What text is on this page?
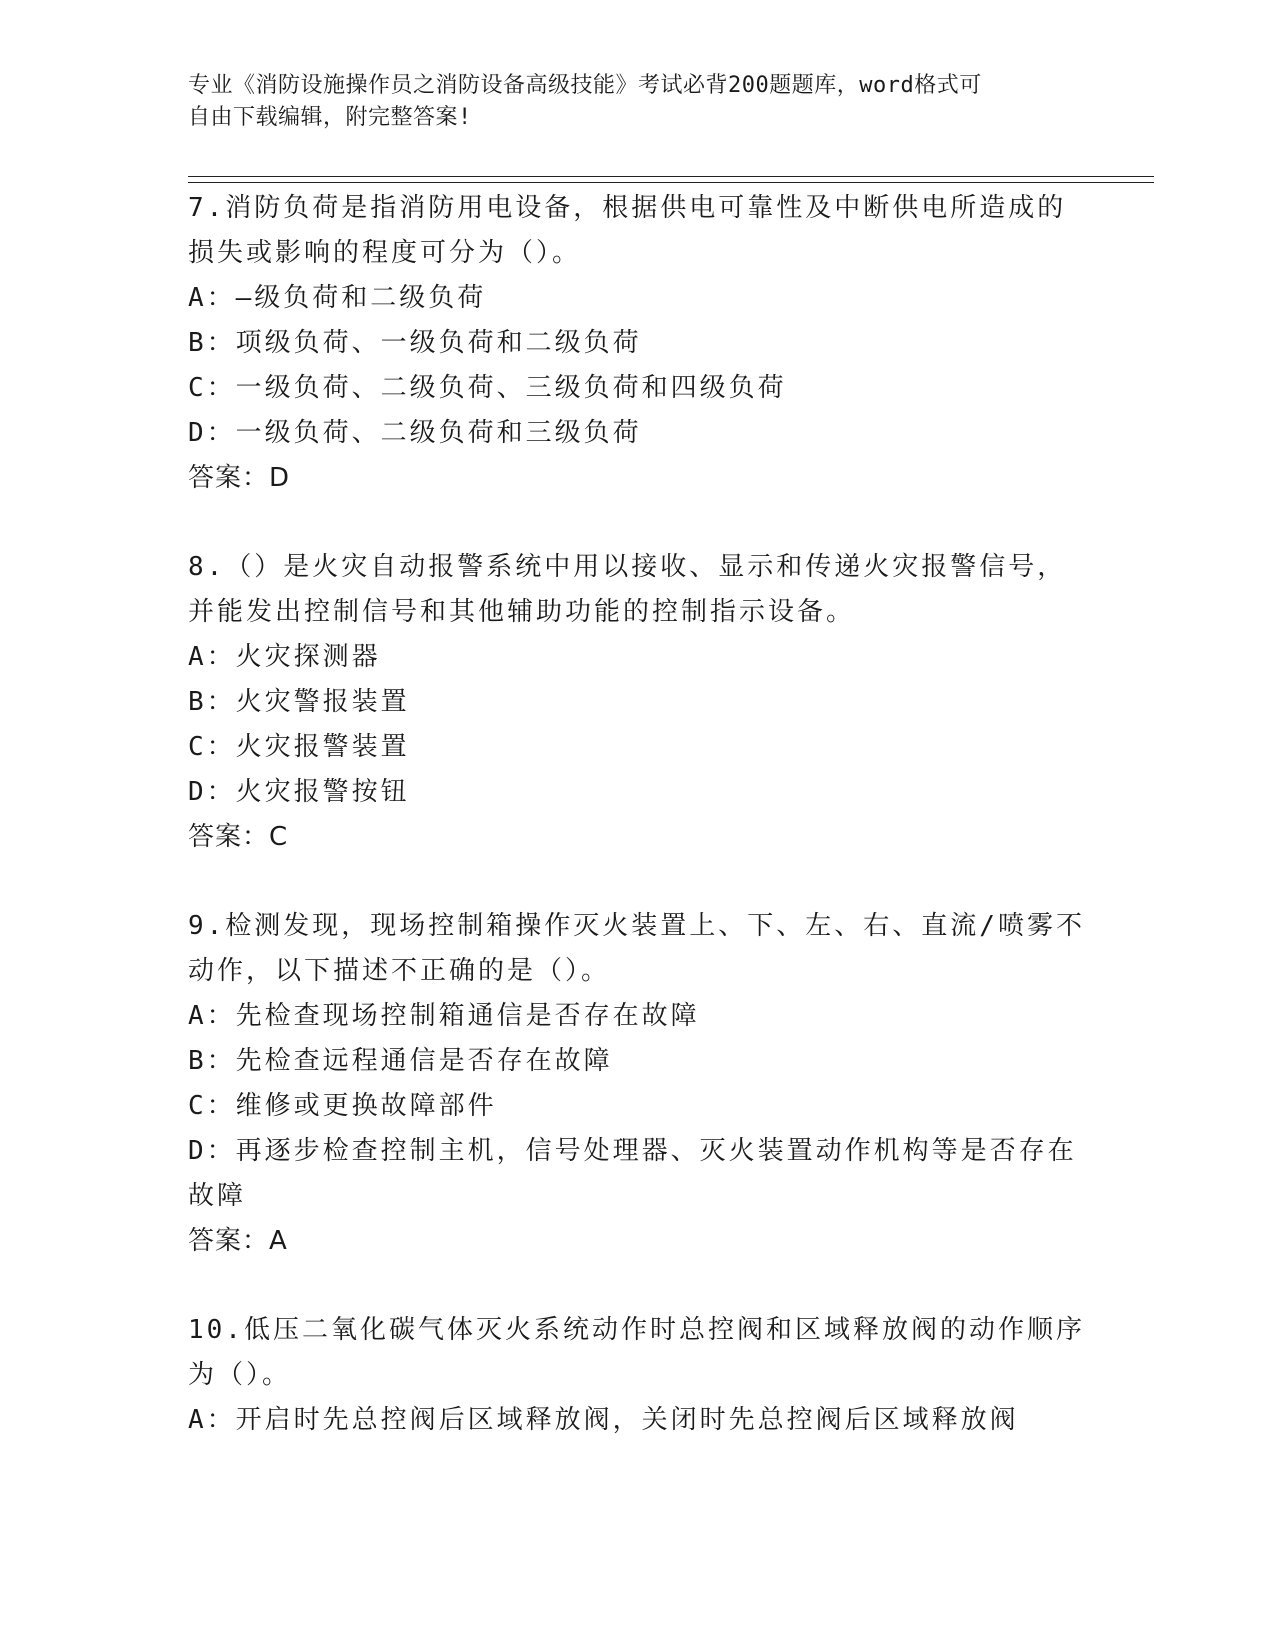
专业《消防设施操作员之消防设备高级技能》考试必背200题题库，word格式可
自由下载编辑，附完整答案!
7.消防负荷是指消防用电设备，根据供电可靠性及中断供电所造成的损失或影响的程度可分为（）。
A：—级负荷和二级负荷
B：项级负荷、一级负荷和二级负荷
C：一级负荷、二级负荷、三级负荷和四级负荷
D：一级负荷、二级负荷和三级负荷
答案：D
8.（）是火灾自动报警系统中用以接收、显示和传递火灾报警信号，并能发出控制信号和其他辅助功能的控制指示设备。
A：火灾探测器
B：火灾警报装置
C：火灾报警装置
D：火灾报警按钮
答案：C
9.检测发现，现场控制箱操作灭火装置上、下、左、右、直流/喷雾不动作，以下描述不正确的是（）。
A：先检查现场控制箱通信是否存在故障
B：先检查远程通信是否存在故障
C：维修或更换故障部件
D：再逐步检查控制主机，信号处理器、灭火装置动作机构等是否存在故障
答案：A
10.低压二氧化碳气体灭火系统动作时总控阀和区域释放阀的动作顺序为（）。
A：开启时先总控阀后区域释放阀，关闭时先总控阀后区域释放阀
